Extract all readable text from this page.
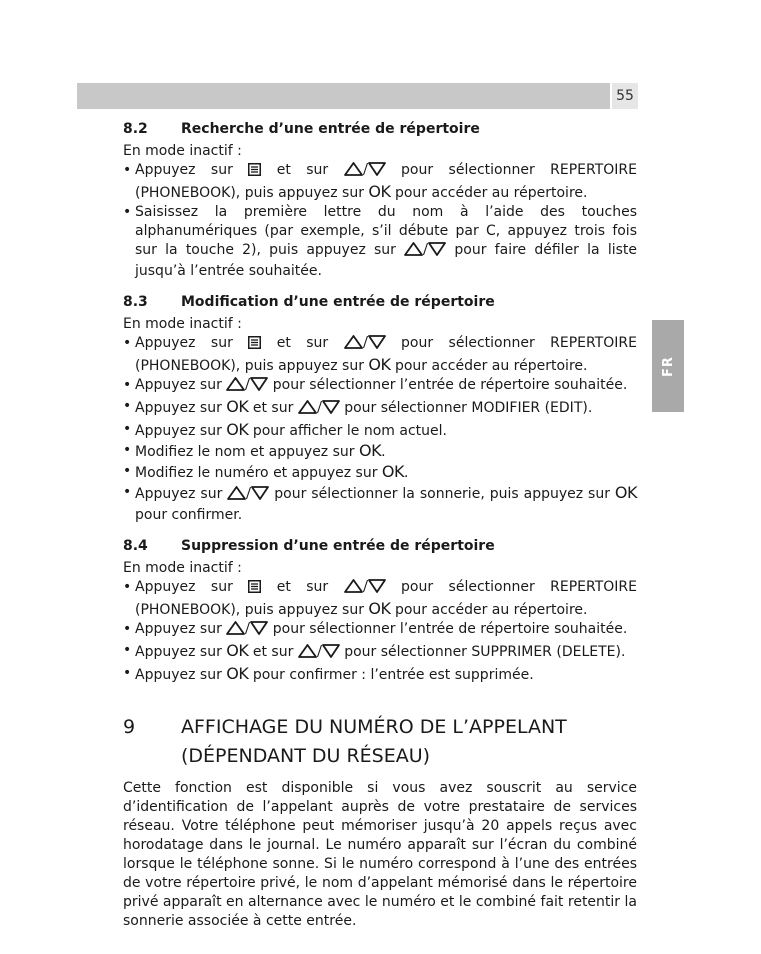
55
FR
8.2 Recherche d’une entrée de répertoire
En mode inactif :
• Appuyez sur	et sur	pour sélectionner REPERTOIRE (PHONEBOOK), puis appuyez sur OK pour accéder au répertoire.
• Saisissez la première lettre du nom à l’aide des touches alphanumériques (par exemple, s’il débute par C, appuyez trois fois sur la touche 2), puis appuyez sur	pour faire défiler la liste jusqu’à l’entrée souhaitée.
8.3 Modification d’une entrée de répertoire
En mode inactif :
• Appuyez sur	et sur	pour sélectionner REPERTOIRE (PHONEBOOK), puis appuyez sur OK pour accéder au répertoire.
• Appuyez sur	pour sélectionner l’entrée de répertoire souhaitée.
• Appuyez sur OK et sur	pour sélectionner MODIFIER (EDIT).
• Appuyez sur OK pour afficher le nom actuel.
• Modifiez le nom et appuyez sur OK.
• Modifiez le numéro et appuyez sur OK.
• Appuyez sur	pour sélectionner la sonnerie, puis appuyez sur OK pour confirmer.
8.4 Suppression d’une entrée de répertoire
En mode inactif :
• Appuyez sur	et sur	pour sélectionner REPERTOIRE (PHONEBOOK), puis appuyez sur OK pour accéder au répertoire.
• Appuyez sur	pour sélectionner l’entrée de répertoire souhaitée.
• Appuyez sur OK et sur	pour sélectionner SUPPRIMER (DELETE).
• Appuyez sur OK pour confirmer : l’entrée est supprimée.
9 AFFICHAGE DU NUMÉRO DE L’APPELANT
(DÉPENDANT DU RÉSEAU)
Cette fonction est disponible si vous avez souscrit au service d’identification de l’appelant auprès de votre prestataire de services réseau. Votre téléphone peut mémoriser jusqu’à 20 appels reçus avec horodatage dans le journal. Le numéro apparaît sur l’écran du combiné lorsque le téléphone sonne. Si le numéro correspond à l’une des entrées de votre répertoire privé, le nom d’appelant mémorisé dans le répertoire privé apparaît en alternance avec le numéro et le combiné fait retentir la sonnerie associée à cette entrée.
